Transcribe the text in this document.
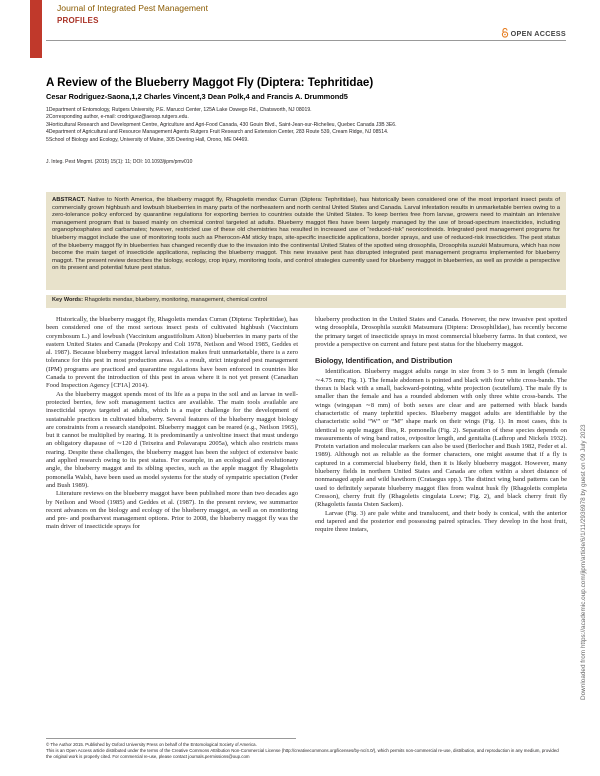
Journal of Integrated Pest Management
PROFILES
OPEN ACCESS
A Review of the Blueberry Maggot Fly (Diptera: Tephritidae)
Cesar Rodriguez-Saona,1,2 Charles Vincent,3 Dean Polk,4 and Francis A. Drummond5
1Department of Entomology, Rutgers University, P.E. Marucci Center, 125A Lake Oswego Rd., Chatsworth, NJ 08019.
2Corresponding author, e-mail: crodriguez@aesop.rutgers.edu.
3Horticultural Research and Development Centre, Agriculture and Agri-Food Canada, 430 Gouin Blvd., Saint-Jean-sur-Richelieu, Quebec Canada J3B 3E6.
4Department of Agricultural and Resource Management Agents Rutgers Fruit Research and Extension Center, 283 Route 539, Cream Ridge, NJ 08514.
5School of Biology and Ecology, University of Maine, 305 Deering Hall, Orono, ME 04469.
J. Integ. Pest Mngmt. (2015) 15(1): 11; DOI: 10.1093/jipm/pmv010
ABSTRACT. Native to North America, the blueberry maggot fly, Rhagoletis mendax Curran (Diptera: Tephritidae), has historically been considered one of the most important insect pests of commercially grown highbush and lowbush blueberries in many parts of the northeastern and north central United States and Canada. Larval infestation results in unmarketable berries owing to a zero-tolerance policy enforced by quarantine regulations for exporting berries to countries outside the United States. To keep berries free from larvae, growers need to maintain an intensive management program that is based mainly on chemical control targeted at adults. Blueberry maggot flies have been largely managed by the use of broad-spectrum insecticides, including organophosphates and carbamates; however, restricted use of these old chemistries has resulted in increased use of “reduced-risk” neonicotinoids. Integrated pest management programs for blueberry maggot include the use of monitoring tools such as Pherocon-AM sticky traps, site-specific insecticide applications, border sprays, and use of reduced-risk insecticides. The pest status of the blueberry maggot fly in blueberries has changed recently due to the invasion into the continental United States of the spotted wing drosophila, Drosophila suzukii Matsumura, which has now become the main target of insecticide applications, replacing the blueberry maggot. This new invasive pest has disrupted integrated pest management programs implemented for blueberry maggot. The present review describes the biology, ecology, crop injury, monitoring tools, and control strategies currently used for blueberry maggot in blueberries, as well as provide a perspective on its present and potential future pest status.
Key Words: Rhagoletis mendax, blueberry, monitoring, management, chemical control

Historically, the blueberry maggot fly, Rhagoletis mendax Curran (Diptera: Tephritidae), has been considered one of the most serious insect pests of cultivated highbush (Vaccinium corymbosum L.) and lowbush (Vaccinium angustifolium Aiton) blueberries in many parts of the eastern United States and Canada (Prokopy and Coli 1978, Neilson and Wood 1985, Geddes et al. 1987). Because blueberry maggot larval infestation makes fruit unmarketable, there is a zero tolerance for this pest in most production areas. As a result, strict integrated pest management (IPM) programs are practiced and quarantine regulations have been enforced in countries like Canada to prevent the introduction of this pest in areas where it is not yet present (Canadian Food Inspection Agency [CFIA] 2014).

As the blueberry maggot spends most of its life as a pupa in the soil and as larvae in well-protected berries, few soft management tactics are available. The main tools available are insecticidal sprays targeted at adults, which is a major challenge for the development of sustainable practices in cultivated blueberry. Several features of the blueberry maggot biology are constraints from a research standpoint. Blueberry maggot can be reared (e.g., Neilson 1965), but it cannot be multiplied by rearing. It is predominantly a univoltine insect that must undergo an obligatory diapause of ∼120 d (Teixeira and Polavarapu 2005a), which also restricts mass rearing. Despite these challenges, the blueberry maggot has been the subject of extensive basic and applied research owing to its pest status. For example, in an ecological and evolutionary angle, the blueberry maggot and its sibling species, such as the apple maggot fly Rhagoletis pomonella Walsh, have been used as model systems for the study of sympatric speciation (Feder and Bush 1989).

Literature reviews on the blueberry maggot have been published more than two decades ago by Neilson and Wood (1985) and Geddes et al. (1987). In the present review, we summarize recent advances on the biology and ecology of the blueberry maggot, as well as on monitoring and pre- and postharvest management options. Prior to 2008, the blueberry maggot fly was the main driver of insecticide sprays for

blueberry production in the United States and Canada. However, the new invasive pest spotted wing drosophila, Drosophila suzukii Matsumura (Diptera: Drosophilidae), has recently become the primary target of insecticide sprays in most commercial blueberry farms. In that context, we provide a perspective on current and future pest status for the blueberry maggot.

Biology, Identification, and Distribution

Identification. Blueberry maggot adults range in size from 3 to 5 mm in length (female ∼4.75 mm; Fig. 1). The female abdomen is pointed and black with four white cross-bands. The thorax is black with a small, backward-pointing, white projection (scutellum). The male fly is smaller than the female and has a rounded abdomen with only three white cross-bands. The wings (wingspan ∼8 mm) of both sexes are clear and are patterned with black bands characteristic of many tephritid species. Blueberry maggot adults are identifiable by the characteristic solid “W” or “M” shape mark on their wings (Fig. 1). In most cases, this is identical to apple maggot flies, R. pomonella (Fig. 2). Separation of these species depends on measurements of wing band ratios, ovipositor length, and genitalia (Lathrop and Nickels 1932). Protein variation and molecular markers can also be used (Berlocher and Bush 1982, Feder et al. 1989). Although not as reliable as the former characters, one might assume that if a fly is captured in a commercial blueberry field, then it is likely blueberry maggot. However, many blueberry fields in northern United States and Canada are often within a short distance of nonmanaged apple and wild hawthorn (Crataegus spp.). The distinct wing band patterns can be used to definitely separate blueberry maggot flies from walnut husk fly (Rhagoletis completa Cresson), cherry fruit fly (Rhagoletis cingulata Loew; Fig. 2), and black cherry fruit fly (Rhagoletis fausta Osten Sacken).

Larvae (Fig. 3) are pale white and translucent, and their body is conical, with the anterior end tapered and the posterior end possessing paired spiracles. They develop in the host fruit, require three instars,

© The Author 2015. Published by Oxford University Press on behalf of the Entomological Society of America.
This is an Open Access article distributed under the terms of the Creative Commons Attribution Non-Commercial License (http://creativecommons.org/licenses/by-nc/4.0/), which permits non-commercial re-use, distribution, and reproduction in any medium, provided the original work is properly cited. For commercial re-use, please contact journals.permissions@oup.com
Downloaded from https://academic.oup.com/jipm/article/6/1/11/2936978 by guest on 09 July 2023
